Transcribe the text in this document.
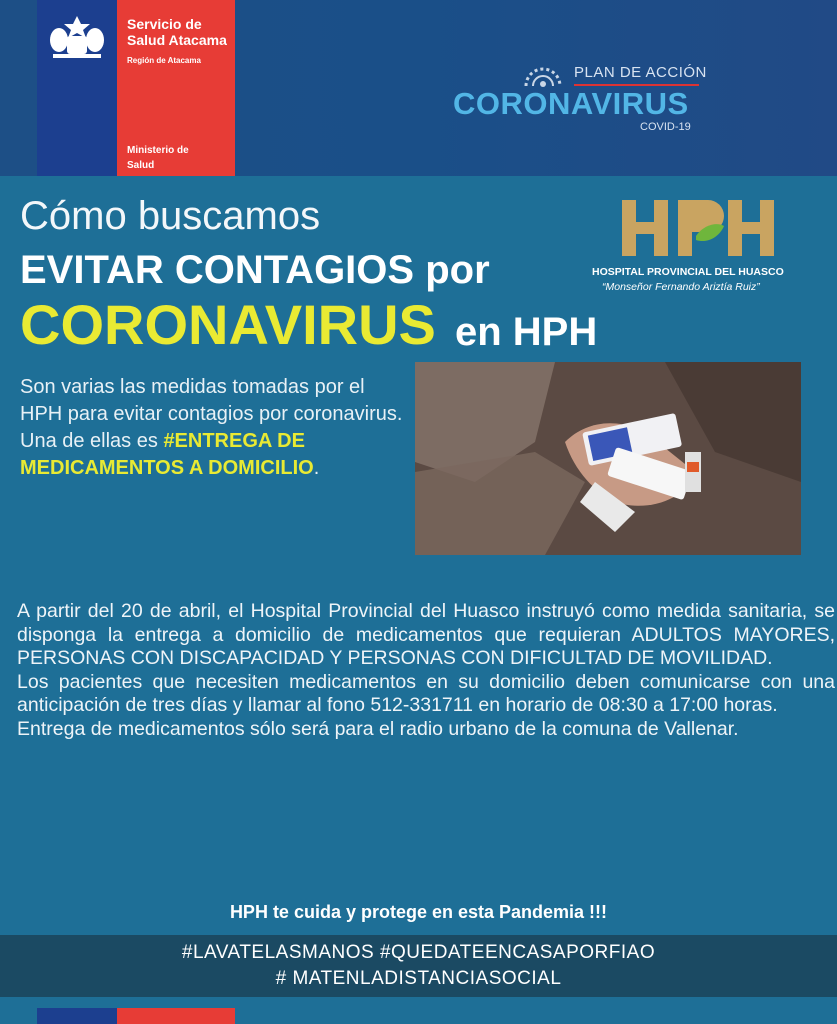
Servicio de
Salud Atacama
Región de Atacama
Ministerio de
Salud
PLAN DE ACCIÓN
CORONAVIRUS
COVID-19
Cómo buscamos
EVITAR CONTAGIOS por
CORONAVIRUS en HPH
HOSPITAL PROVINCIAL DEL HUASCO
“Monseñor Fernando Ariztía Ruiz”
Son varias las medidas tomadas por el HPH para evitar contagios por coronavirus. Una de ellas es #ENTREGA DE MEDICAMENTOS A DOMICILIO.

A partir del 20 de abril, el Hospital Provincial del Huasco instruyó como medida sanitaria, se disponga la entrega a domicilio de medicamentos que requieran ADULTOS MAYORES, PERSONAS CON DISCAPACIDAD Y PERSONAS CON DIFICULTAD DE MOVILIDAD.

Los pacientes que necesiten medicamentos en su domicilio deben comunicarse con una anticipación de tres días y llamar al fono 512-331711 en horario de 08:30 a 17:00 horas.

Entrega de medicamentos sólo será para el radio urbano de la comuna de Vallenar.

HPH te cuida y protege en esta Pandemia !!!
#LAVATELASMANOS #QUEDATEENCASAPORFIAO
# MATENLADISTANCIASOCIAL
